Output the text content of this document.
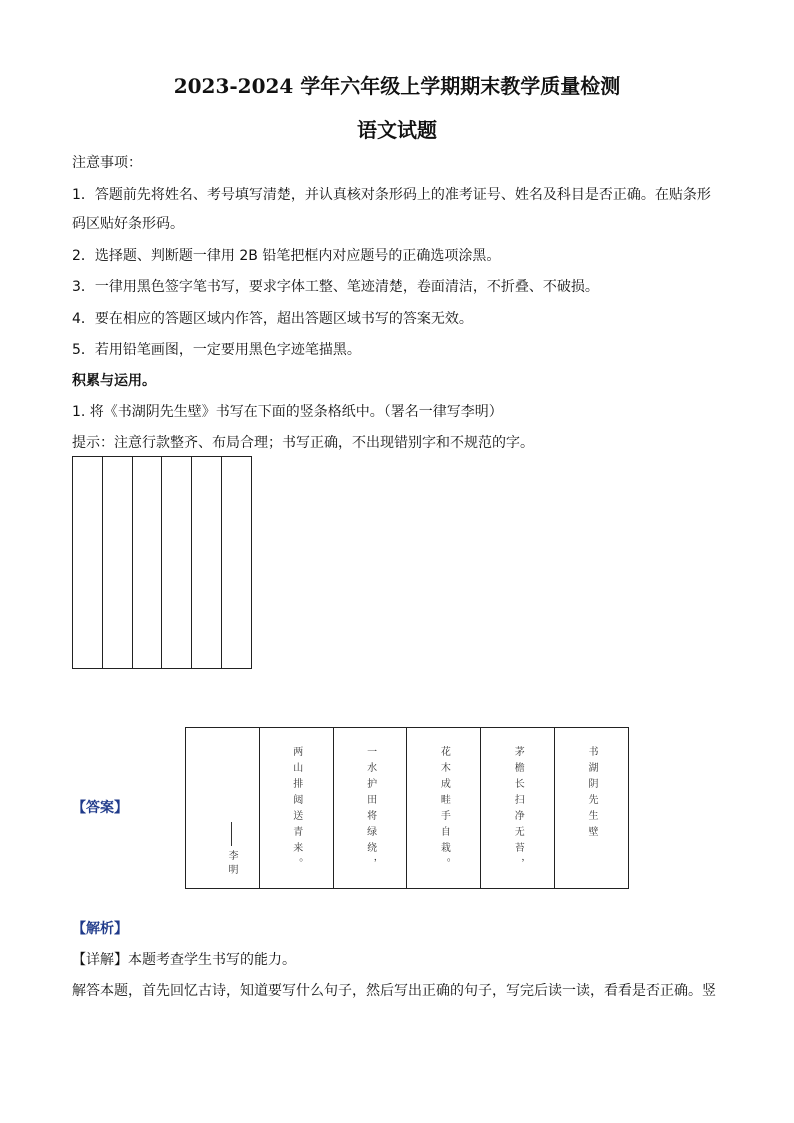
2023-2024 学年六年级上学期期末教学质量检测
语文试题
注意事项：
1．答题前先将姓名、考号填写清楚，并认真核对条形码上的准考证号、姓名及科目是否正确。在贴条形
码区贴好条形码。
2．选择题、判断题一律用 2B 铅笔把框内对应题号的正确选项涂黑。
3．一律用黑色签字笔书写，要求字体工整、笔迹清楚，卷面清洁，不折叠、不破损。
4．要在相应的答题区域内作答，超出答题区域书写的答案无效。
5．若用铅笔画图，一定要用黑色字迹笔描黑。
积累与运用。
1. 将《书湖阴先生壁》书写在下面的竖条格纸中。（署名一律写李明）
提示：注意行款整齐、布局合理；书写正确，不出现错别字和不规范的字。
【答案】
李明	两山排闼送青来。	一水护田将绿绕，	花木成畦手自栽。	茅檐长扫净无苔，	书湖阴先生壁
【解析】
【详解】本题考查学生书写的能力。
解答本题，首先回忆古诗，知道要写什么句子，然后写出正确的句子，写完后读一读，看看是否正确。竖
